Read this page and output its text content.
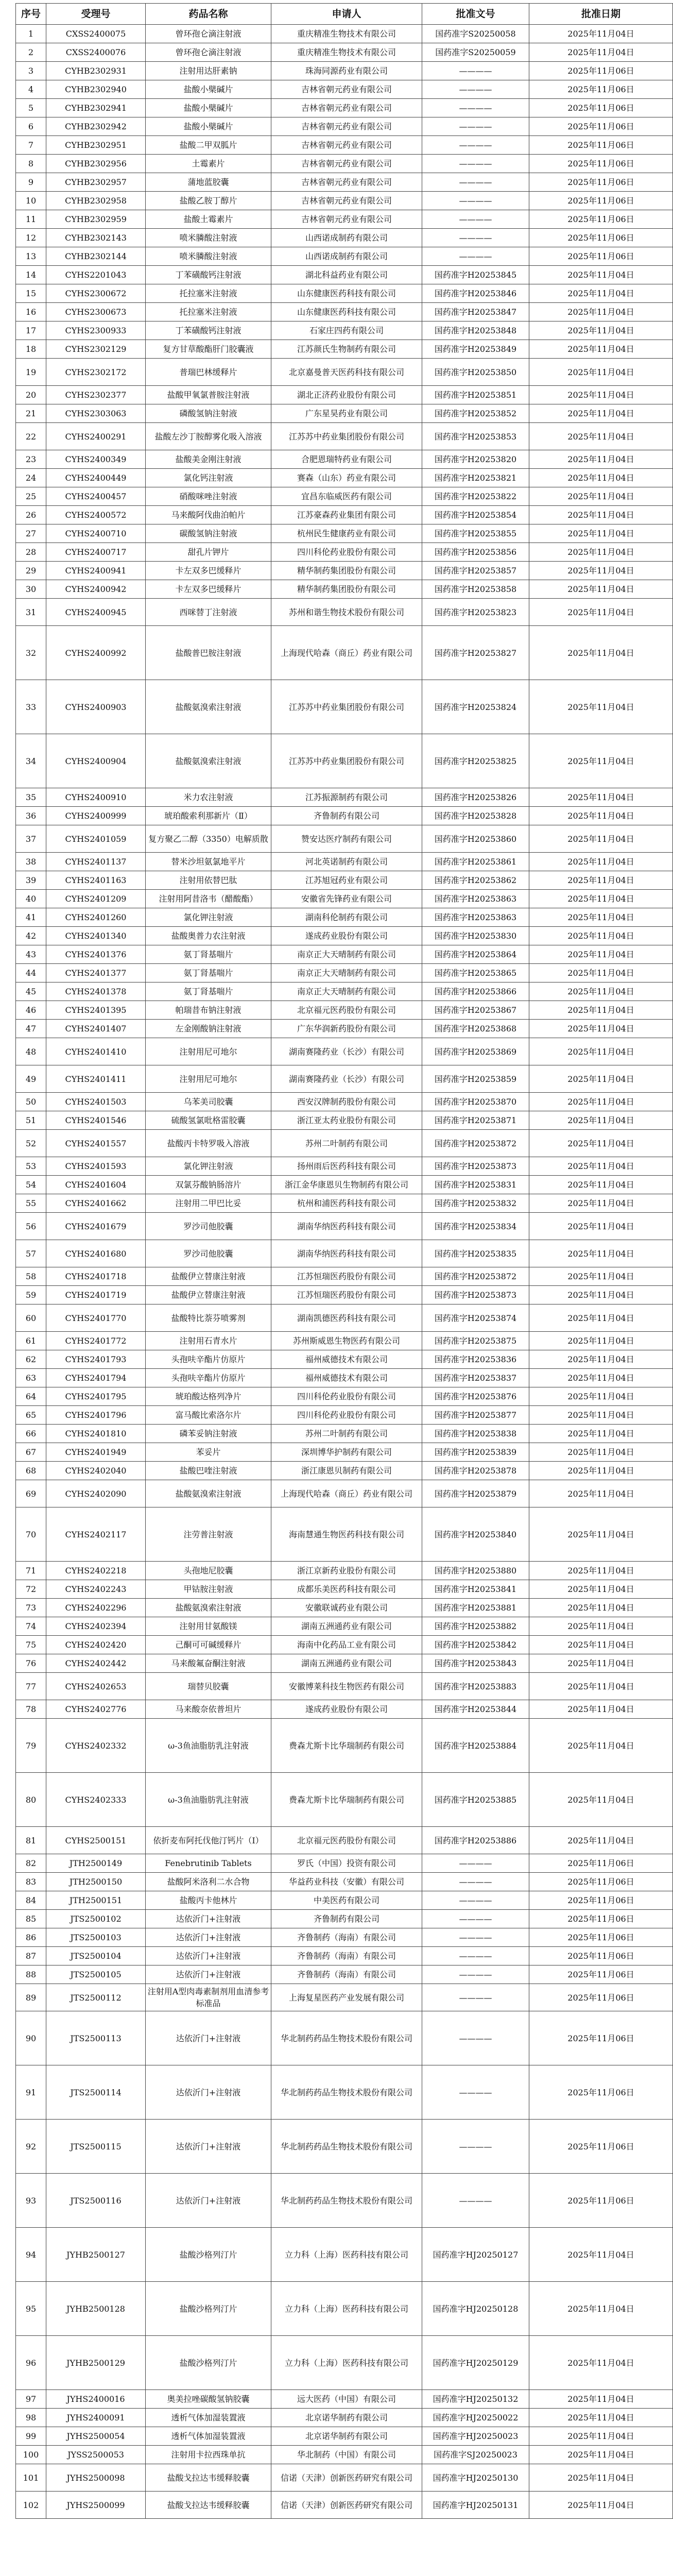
序号	受理号	药品名称	申请人	批准文号	批准日期
1	CXSS2400075	曾环孢仑滴注射液	重庆精准生物技术有限公司	国药准字S20250058	2025年11月04日
2	CXSS2400076	曾环孢仑滴注射液	重庆精准生物技术有限公司	国药准字S20250059	2025年11月04日
3	CYHB2302931	注射用达肝素钠	珠海同源药业有限公司	————	2025年11月06日
4	CYHB2302940	盐酸小檗碱片	吉林省朝元药业有限公司	————	2025年11月06日
5	CYHB2302941	盐酸小檗碱片	吉林省朝元药业有限公司	————	2025年11月06日
6	CYHB2302942	盐酸小檗碱片	吉林省朝元药业有限公司	————	2025年11月06日
7	CYHB2302951	盐酸二甲双胍片	吉林省朝元药业有限公司	————	2025年11月06日
8	CYHB2302956	土霉素片	吉林省朝元药业有限公司	————	2025年11月06日
9	CYHB2302957	蒲地蓝胶囊	吉林省朝元药业有限公司	————	2025年11月06日
10	CYHB2302958	盐酸乙胺丁醇片	吉林省朝元药业有限公司	————	2025年11月06日
11	CYHB2302959	盐酸土霉素片	吉林省朝元药业有限公司	————	2025年11月06日
12	CYHB2302143	喷米膦酸注射液	山西诺成制药有限公司	————	2025年11月06日
13	CYHB2302144	喷米膦酸注射液	山西诺成制药有限公司	————	2025年11月06日
14	CYHS2201043	丁苯磺酸钙注射液	湖北科益药业有限公司	国药准字H20253845	2025年11月04日
15	CYHS2300672	托拉塞米注射液	山东健康医药科技有限公司	国药准字H20253846	2025年11月04日
16	CYHS2300673	托拉塞米注射液	山东健康医药科技有限公司	国药准字H20253847	2025年11月04日
17	CYHS2300933	丁苯磺酸钙注射液	石家庄四药有限公司	国药准字H20253848	2025年11月04日
18	CYHS2302129	复方甘草酸酯肝门胶囊液	江苏颜氏生物制药有限公司	国药准字H20253849	2025年11月04日
19	CYHS2302172	普瑞巴林缓释片	北京嘉曼普天医药科技有限公司	国药准字H20253850	2025年11月04日
20	CYHS2302377	盐酸甲氧氯普胺注射液	湖北正济药业股份有限公司	国药准字H20253851	2025年11月04日
21	CYHS2303063	磷酸氢钠注射液	广东星昊药业有限公司	国药准字H20253852	2025年11月04日
22	CYHS2400291	盐酸左沙丁胺醇雾化吸入溶液	江苏苏中药业集团股份有限公司	国药准字H20253853	2025年11月04日
23	CYHS2400349	盐酸美金刚注射液	合肥恩瑞特药业有限公司	国药准字H20253820	2025年11月04日
24	CYHS2400449	氯化钙注射液	赛森（山东）药业有限公司	国药准字H20253821	2025年11月04日
25	CYHS2400457	硝酸咪唑注射液	宜昌东临威医药有限公司	国药准字H20253822	2025年11月04日
26	CYHS2400572	马来酸阿伐曲泊帕片	江苏豪森药业集团有限公司	国药准字H20253854	2025年11月04日
27	CYHS2400710	碳酸氢钠注射液	杭州民生健康药业有限公司	国药准字H20253855	2025年11月04日
28	CYHS2400717	甜孔片钾片	四川科伦药业股份有限公司	国药准字H20253856	2025年11月04日
29	CYHS2400941	卡左双多巴缓释片	精华制药集团股份有限公司	国药准字H20253857	2025年11月04日
30	CYHS2400942	卡左双多巴缓释片	精华制药集团股份有限公司	国药准字H20253858	2025年11月04日
31	CYHS2400945	西咪替丁注射液	苏州和谐生物技术股份有限公司	国药准字H20253823	2025年11月04日
32	CYHS2400992	盐酸普巴胺注射液	上海现代哈森（商丘）药业有限公司	国药准字H20253827	2025年11月04日
33	CYHS2400903	盐酸氨溴索注射液	江苏苏中药业集团股份有限公司	国药准字H20253824	2025年11月04日
34	CYHS2400904	盐酸氨溴索注射液	江苏苏中药业集团股份有限公司	国药准字H20253825	2025年11月04日
35	CYHS2400910	米力农注射液	江苏振源制药有限公司	国药准字H20253826	2025年11月04日
36	CYHS2400999	琥珀酸索利那新片（Ⅱ）	齐鲁制药有限公司	国药准字H20253828	2025年11月04日
37	CYHS2401059	复方聚乙二醇（3350）电解质散	赞安达医疗制药有限公司	国药准字H20253860	2025年11月04日
38	CYHS2401137	替米沙坦氨氯地平片	河北英诺制药有限公司	国药准字H20253861	2025年11月04日
39	CYHS2401163	注射用依替巴肽	江苏旭冠药业有限公司	国药准字H20253862	2025年11月04日
40	CYHS2401209	注射用阿昔洛韦（醋酸酯）	安徽省先锋药业有限公司	国药准字H20253863	2025年11月04日
41	CYHS2401260	氯化钾注射液	湖南科伦制药有限公司	国药准字H20253863	2025年11月04日
42	CYHS2401340	盐酸奥普力农注射液	遂成药业股份有限公司	国药准字H20253830	2025年11月04日
43	CYHS2401376	氨丁肾基喘片	南京正大天晴制药有限公司	国药准字H20253864	2025年11月04日
44	CYHS2401377	氨丁肾基喘片	南京正大天晴制药有限公司	国药准字H20253865	2025年11月04日
45	CYHS2401378	氨丁肾基喘片	南京正大天晴制药有限公司	国药准字H20253866	2025年11月04日
46	CYHS2401395	帕瑞昔布钠注射液	北京福元医药股份有限公司	国药准字H20253867	2025年11月04日
47	CYHS2401407	左金刚酸钠注射液	广东华润新药股份有限公司	国药准字H20253868	2025年11月04日
48	CYHS2401410	注射用尼可地尔	湖南赛隆药业（长沙）有限公司	国药准字H20253869	2025年11月04日
49	CYHS2401411	注射用尼可地尔	湖南赛隆药业（长沙）有限公司	国药准字H20253859	2025年11月04日
50	CYHS2401503	乌苯美司胶囊	西安汉牌制药股份有限公司	国药准字H20253870	2025年11月04日
51	CYHS2401546	硫酸氢氯吡格雷胶囊	浙江亚太药业股份有限公司	国药准字H20253871	2025年11月04日
52	CYHS2401557	盐酸丙卡特罗吸入溶液	苏州二叶制药有限公司	国药准字H20253872	2025年11月04日
53	CYHS2401593	氯化钾注射液	扬州雨后医药科技有限公司	国药准字H20253873	2025年11月04日
54	CYHS2401604	双氯芬酸钠肠溶片	浙江金华康恩贝生物制药有限公司	国药准字H20253831	2025年11月04日
55	CYHS2401662	注射用二甲巴比妥	杭州和浦医药科技有限公司	国药准字H20253832	2025年11月04日
56	CYHS2401679	罗沙司他胶囊	湖南华纳医药科技有限公司	国药准字H20253834	2025年11月04日
57	CYHS2401680	罗沙司他胶囊	湖南华纳医药科技有限公司	国药准字H20253835	2025年11月04日
58	CYHS2401718	盐酸伊立替康注射液	江苏恒瑞医药股份有限公司	国药准字H20253872	2025年11月04日
59	CYHS2401719	盐酸伊立替康注射液	江苏恒瑞医药股份有限公司	国药准字H20253873	2025年11月04日
60	CYHS2401770	盐酸特比萘芬喷雾剂	湖南凯德医药科技有限公司	国药准字H20253874	2025年11月04日
61	CYHS2401772	注射用石青水片	苏州斯威恩生物医药有限公司	国药准字H20253875	2025年11月04日
62	CYHS2401793	头孢呋辛酯片仿原片	福州威德技术有限公司	国药准字H20253836	2025年11月04日
63	CYHS2401794	头孢呋辛酯片仿原片	福州威德技术有限公司	国药准字H20253837	2025年11月04日
64	CYHS2401795	琥珀酸达格列净片	四川科伦药业股份有限公司	国药准字H20253876	2025年11月04日
65	CYHS2401796	富马酸比索洛尔片	四川科伦药业股份有限公司	国药准字H20253877	2025年11月04日
66	CYHS2401810	磷苯妥钠注射液	苏州二叶制药有限公司	国药准字H20253838	2025年11月04日
67	CYHS2401949	苯妥片	深圳博华护制药有限公司	国药准字H20253839	2025年11月04日
68	CYHS2402040	盐酸巴喹注射液	浙江康恩贝制药有限公司	国药准字H20253878	2025年11月04日
69	CYHS2402090	盐酸氨溴索注射液	上海现代哈森（商丘）药业有限公司	国药准字H20253879	2025年11月04日
70	CYHS2402117	注劳普注射液	海南慧通生物医药科技有限公司	国药准字H20253840	2025年11月04日
71	CYHS2402218	头孢地尼胶囊	浙江京新药业股份有限公司	国药准字H20253880	2025年11月04日
72	CYHS2402243	甲钴胺注射液	成都乐美医药科技有限公司	国药准字H20253841	2025年11月04日
73	CYHS2402296	盐酸氨溴索注射液	安徽联诚药业有限公司	国药准字H20253881	2025年11月04日
74	CYHS2402394	注射用甘氨酸镁	湖南五洲通药业有限公司	国药准字H20253882	2025年11月04日
75	CYHS2402420	己酮可可碱缓释片	海南中化药品工业有限公司	国药准字H20253842	2025年11月04日
76	CYHS2402442	马来酸氟奋酮注射液	湖南五洲通药业有限公司	国药准字H20253843	2025年11月04日
77	CYHS2402653	瑞替贝胶囊	安徽博莱科技生物医药有限公司	国药准字H20253883	2025年11月04日
78	CYHS2402776	马来酸奈依普坦片	遂成药业股份有限公司	国药准字H20253844	2025年11月04日
79	CYHS2402332	ω-3鱼油脂肪乳注射液	费森尤斯卡比华瑞制药有限公司	国药准字H20253884	2025年11月04日
80	CYHS2402333	ω-3鱼油脂肪乳注射液	费森尤斯卡比华瑞制药有限公司	国药准字H20253885	2025年11月04日
81	CYHS2500151	依折麦布阿托伐他汀钙片（Ⅰ）	北京福元医药股份有限公司	国药准字H20253886	2025年11月04日
82	JTH2500149	Fenebrutinib Tablets	罗氏（中国）投资有限公司	————	2025年11月06日
83	JTH2500150	盐酸阿米洛利二水合物	华益药业科技（安徽）有限公司	————	2025年11月06日
84	JTH2500151	盐酸丙卡他林片	中美医药有限公司	————	2025年11月06日
85	JTS2500102	达依沂门+注射液	齐鲁制药有限公司	————	2025年11月06日
86	JTS2500103	达依沂门+注射液	齐鲁制药（海南）有限公司	————	2025年11月06日
87	JTS2500104	达依沂门+注射液	齐鲁制药（海南）有限公司	————	2025年11月06日
88	JTS2500105	达依沂门+注射液	齐鲁制药（海南）有限公司	————	2025年11月06日
89	JTS2500112	注射用A型肉毒素制剂用血清参考标准品	上海复星医药产业发展有限公司	————	2025年11月06日
90	JTS2500113	达依沂门+注射液	华北制药药品生物技术股份有限公司	————	2025年11月06日
91	JTS2500114	达依沂门+注射液	华北制药药品生物技术股份有限公司	————	2025年11月06日
92	JTS2500115	达依沂门+注射液	华北制药药品生物技术股份有限公司	————	2025年11月06日
93	JTS2500116	达依沂门+注射液	华北制药药品生物技术股份有限公司	————	2025年11月06日
94	JYHB2500127	盐酸沙格列汀片	立力科（上海）医药科技有限公司	国药准字HJ20250127	2025年11月04日
95	JYHB2500128	盐酸沙格列汀片	立力科（上海）医药科技有限公司	国药准字HJ20250128	2025年11月04日
96	JYHB2500129	盐酸沙格列汀片	立力科（上海）医药科技有限公司	国药准字HJ20250129	2025年11月04日
97	JYHS2400016	奥美拉唑碳酸氢钠胶囊	远大医药（中国）有限公司	国药准字HJ20250132	2025年11月04日
98	JYHS2400091	透析气体加湿装置液	北京诺华制药有限公司	国药准字HJ20250022	2025年11月04日
99	JYHS2500054	透析气体加湿装置液	北京诺华制药有限公司	国药准字HJ20250023	2025年11月04日
100	JYSS2500053	注射用卡拉西珠单抗	华北制药（中国）有限公司	国药准字SJ20250023	2025年11月04日
101	JYHS2500098	盐酸戈拉达韦缓释胶囊	信诺（天津）创新医药研究有限公司	国药准字HJ20250130	2025年11月04日
102	JYHS2500099	盐酸戈拉达韦缓释胶囊	信诺（天津）创新医药研究有限公司	国药准字HJ20250131	2025年11月04日
